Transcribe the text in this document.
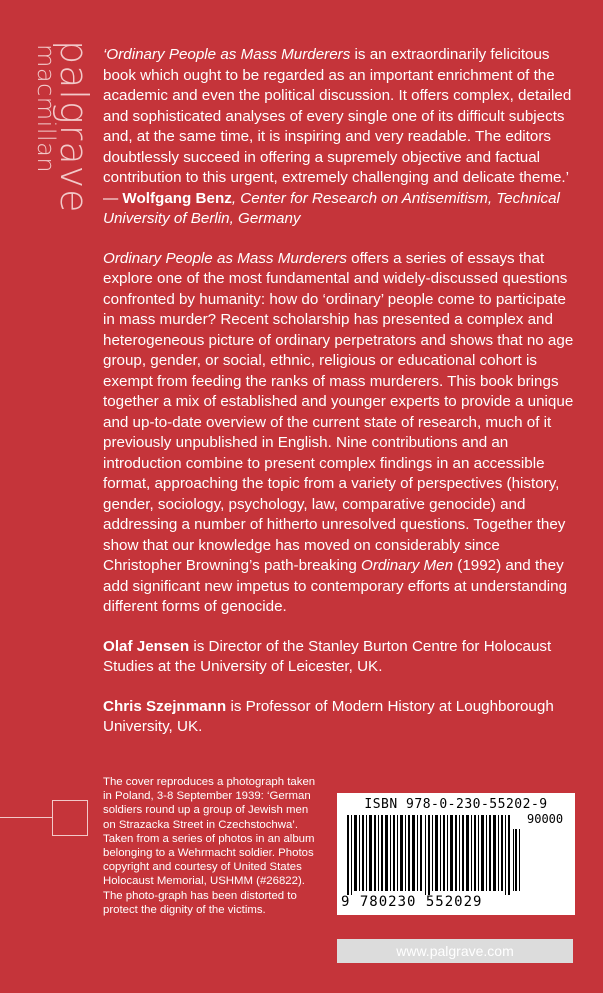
palgrave
macmillan	‘Ordinary People as Mass Murderers is an extraordinarily felicitous book which ought to be regarded as an important enrichment of the academic and even the political discussion. It offers complex, detailed and sophisticated analyses of every single one of its difficult subjects and, at the same time, it is inspiring and very readable. The editors doubtlessly succeed in offering a supremely objective and factual contribution to this urgent, extremely challenging and delicate theme.’
— Wolfgang Benz, Center for Research on Antisemitism, Technical University of Berlin, Germany

Ordinary People as Mass Murderers offers a series of essays that explore one of the most fundamental and widely-discussed questions confronted by humanity: how do ‘ordinary’ people come to participate in mass murder? Recent scholarship has presented a complex and heterogeneous picture of ordinary perpetrators and shows that no age group, gender, or social, ethnic, religious or educational cohort is exempt from feeding the ranks of mass murderers. This book brings together a mix of established and younger experts to provide a unique and up-to-date overview of the current state of research, much of it previously unpublished in English. Nine contributions and an introduction combine to present complex findings in an accessible format, approaching the topic from a variety of perspectives (history, gender, sociology, psychology, law, comparative genocide) and addressing a number of hitherto unresolved questions. Together they show that our knowledge has moved on considerably since Christopher Browning’s path-breaking Ordinary Men (1992) and they add significant new impetus to contemporary efforts at understanding different forms of genocide.

Olaf Jensen is Director of the Stanley Burton Centre for Holocaust Studies at the University of Leicester, UK.

Chris Szejnmann is Professor of Modern History at Loughborough University, UK.

The cover reproduces a photograph taken in Poland, 3-8 September 1939: ‘German soldiers round up a group of Jewish men on Strazacka Street in Czechstochwa’. Taken from a series of photos in an album belonging to a Wehrmacht soldier. Photos copyright and courtesy of United States Holocaust Memorial, USHMM (#26822). The photo-graph has been distorted to protect the dignity of the victims.
ISBN 978-0-230-55202-9
90000
9 780230 552029
www.palgrave.com
